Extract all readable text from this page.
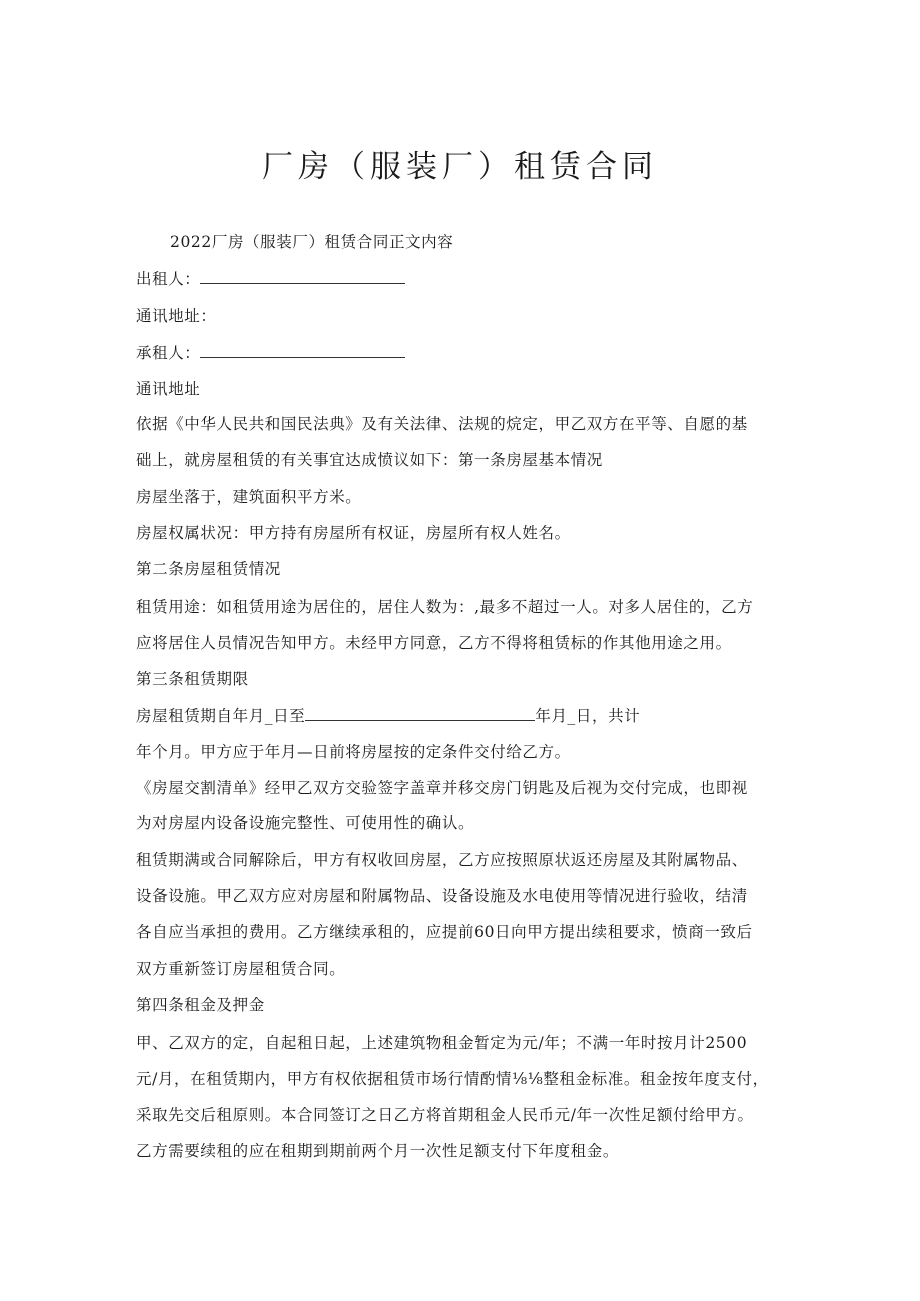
厂房（服装厂）租赁合同
2022厂房（服装厂）租赁合同正文内容
出租人：
通讯地址：
承租人：
通讯地址
依据《中华人民共和国民法典》及有关法律、法规的烷定，甲乙双方在平等、自愿的基
础上，就房屋租赁的有关事宜达成愤议如下：第一条房屋基本情况
房屋坐落于，建筑面积平方米。
房屋权属状况：甲方持有房屋所有权证，房屋所有权人姓名。
第二条房屋租赁情况
租赁用途：如租赁用途为居住的，居住人数为：,最多不超过一人。对多人居住的，乙方
应将居住人员情况告知甲方。未经甲方同意，乙方不得将租赁标的作其他用途之用。
第三条租赁期限
房屋租赁期自年月_日至	年月_日，共计
年个月。甲方应于年月—日前将房屋按的定条件交付给乙方。
《房屋交割清单》经甲乙双方交验签字盖章并移交房门钥匙及后视为交付完成，也即视
为对房屋内设备设施完整性、可使用性的确认。
租赁期满或合同解除后，甲方有权收回房屋，乙方应按照原状返还房屋及其附属物品、
设备设施。甲乙双方应对房屋和附属物品、设备设施及水电使用等情况进行验收，结清
各自应当承担的费用。乙方继续承租的，应提前60日向甲方提出续租要求，愤商一致后
双方重新签订房屋租赁合同。
第四条租金及押金
甲、乙双方的定，自起租日起，上述建筑物租金暂定为元/年；不满一年时按月计2500
元/月，在租赁期内，甲方有权依据租赁市场行情酌情⅛⅛整租金标准。租金按年度支付，
采取先交后租原则。本合同签订之日乙方将首期租金人民币元/年一次性足额付给甲方。
乙方需要续租的应在租期到期前两个月一次性足额支付下年度租金。
